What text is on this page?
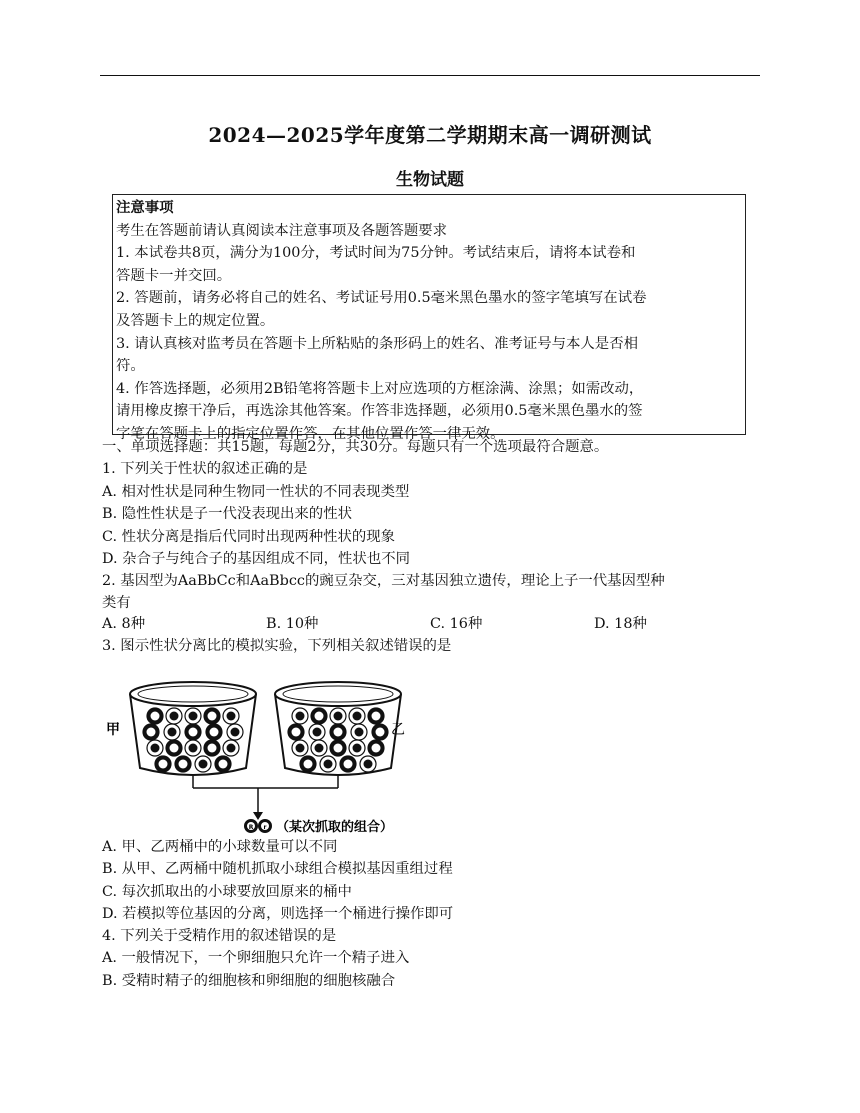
2024—2025学年度第二学期期末高一调研测试
生物试题
注意事项
考生在答题前请认真阅读本注意事项及各题答题要求
1. 本试卷共8页，满分为100分，考试时间为75分钟。考试结束后，请将本试卷和
答题卡一并交回。
2. 答题前，请务必将自己的姓名、考试证号用0.5毫米黑色墨水的签字笔填写在试卷
及答题卡上的规定位置。
3. 请认真核对监考员在答题卡上所粘贴的条形码上的姓名、准考证号与本人是否相
符。
4. 作答选择题，必须用2B铅笔将答题卡上对应选项的方框涂满、涂黑；如需改动，
请用橡皮擦干净后，再选涂其他答案。作答非选择题，必须用0.5毫米黑色墨水的签
字笔在答题卡上的指定位置作答，在其他位置作答一律无效。
一、单项选择题：共15题，每题2分，共30分。每题只有一个选项最符合题意。
1. 下列关于性状的叙述正确的是
A. 相对性状是同种生物同一性状的不同表现类型
B. 隐性性状是子一代没表现出来的性状
C. 性状分离是指后代同时出现两种性状的现象
D. 杂合子与纯合子的基因组成不同，性状也不同
2. 基因型为AaBbCc和AaBbcc的豌豆杂交，三对基因独立遗传，理论上子一代基因型种
类有
A. 8种	B. 10种	C. 16种	D. 18种
3. 图示性状分离比的模拟实验，下列相关叙述错误的是
甲	乙
R r （某次抓取的组合）
A. 甲、乙两桶中的小球数量可以不同
B. 从甲、乙两桶中随机抓取小球组合模拟基因重组过程
C. 每次抓取出的小球要放回原来的桶中
D. 若模拟等位基因的分离，则选择一个桶进行操作即可
4. 下列关于受精作用的叙述错误的是
A. 一般情况下，一个卵细胞只允许一个精子进入
B. 受精时精子的细胞核和卵细胞的细胞核融合
